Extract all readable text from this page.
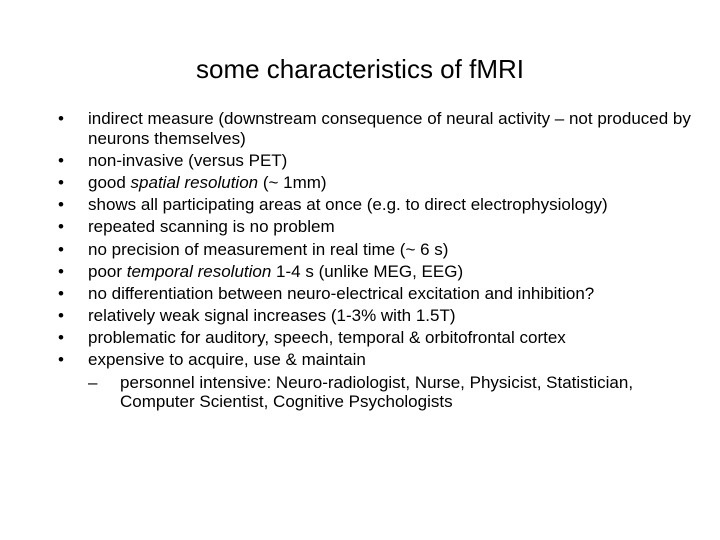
some characteristics of fMRI
•	indirect measure (downstream consequence of neural activity – not produced by neurons themselves)
•	non-invasive (versus PET)
•	good spatial resolution (~ 1mm)
•	shows all participating areas at once (e.g. to direct electrophysiology)
•	repeated scanning is no problem
•	no precision of measurement in real time (~ 6 s)
•	poor temporal resolution 1-4 s (unlike MEG, EEG)
•	no differentiation between neuro-electrical excitation and inhibition?
•	relatively weak signal increases (1-3% with 1.5T)
•	problematic for auditory, speech, temporal & orbitofrontal cortex
•	expensive to acquire, use & maintain
– personnel intensive: Neuro-radiologist, Nurse, Physicist, Statistician, Computer Scientist, Cognitive Psychologists
